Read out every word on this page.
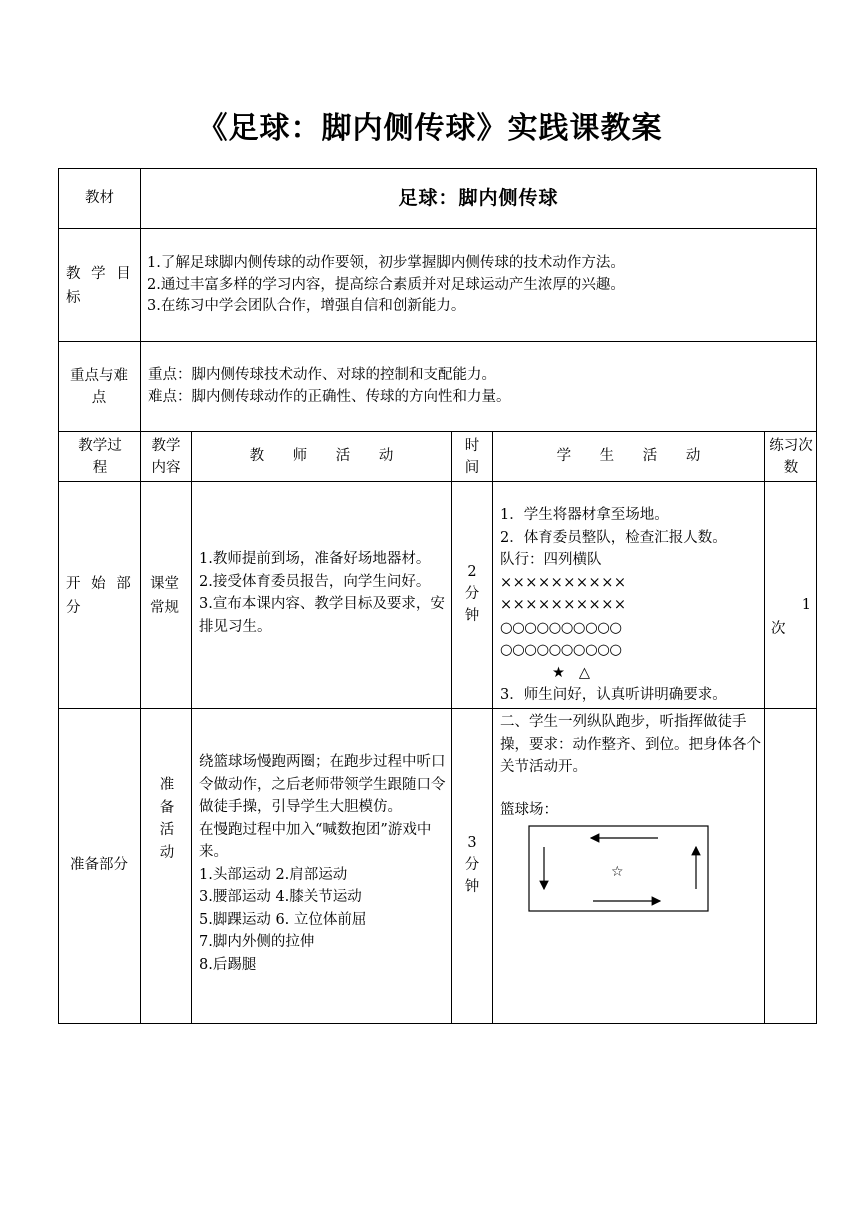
《足球：脚内侧传球》实践课教案
教材	足球：脚内侧传球
教 学 目 标
1.了解足球脚内侧传球的动作要领，初步掌握脚内侧传球的技术动作方法。
2.通过丰富多样的学习内容，提高综合素质并对足球运动产生浓厚的兴趣。
3.在练习中学会团队合作，增强自信和创新能力。
重点与难点
重点：脚内侧传球技术动作、对球的控制和支配能力。
难点：脚内侧传球动作的正确性、传球的方向性和力量。
教学过程
教学内容
教 师 活 动
时间
学 生 活 动
练习次数
开 始 部 分
课堂常规
1.教师提前到场，准备好场地器材。
2.接受体育委员报告，向学生问好。
3.宣布本课内容、教学目标及要求，安排见习生。
2分钟
1．学生将器材拿至场地。
2．体育委员整队，检查汇报人数。
队行：四列横队
××××××××××
××××××××××
○○○○○○○○○○
○○○○○○○○○○
★   △
3．师生问好，认真听讲明确要求。
1
次
准备部分
准备活动
绕篮球场慢跑两圈；在跑步过程中听口令做动作，之后老师带领学生跟随口令做徒手操，引导学生大胆模仿。
在慢跑过程中加入“喊数抱团”游戏中来。
1.头部运动 2.肩部运动
3.腰部运动 4.膝关节运动
5.脚踝运动 6. 立位体前屈
7.脚内外侧的拉伸
8.后踢腿
3分钟
二、学生一列纵队跑步，听指挥做徒手操，要求：动作整齐、到位。把身体各个关节活动开。
篮球场：
☆
